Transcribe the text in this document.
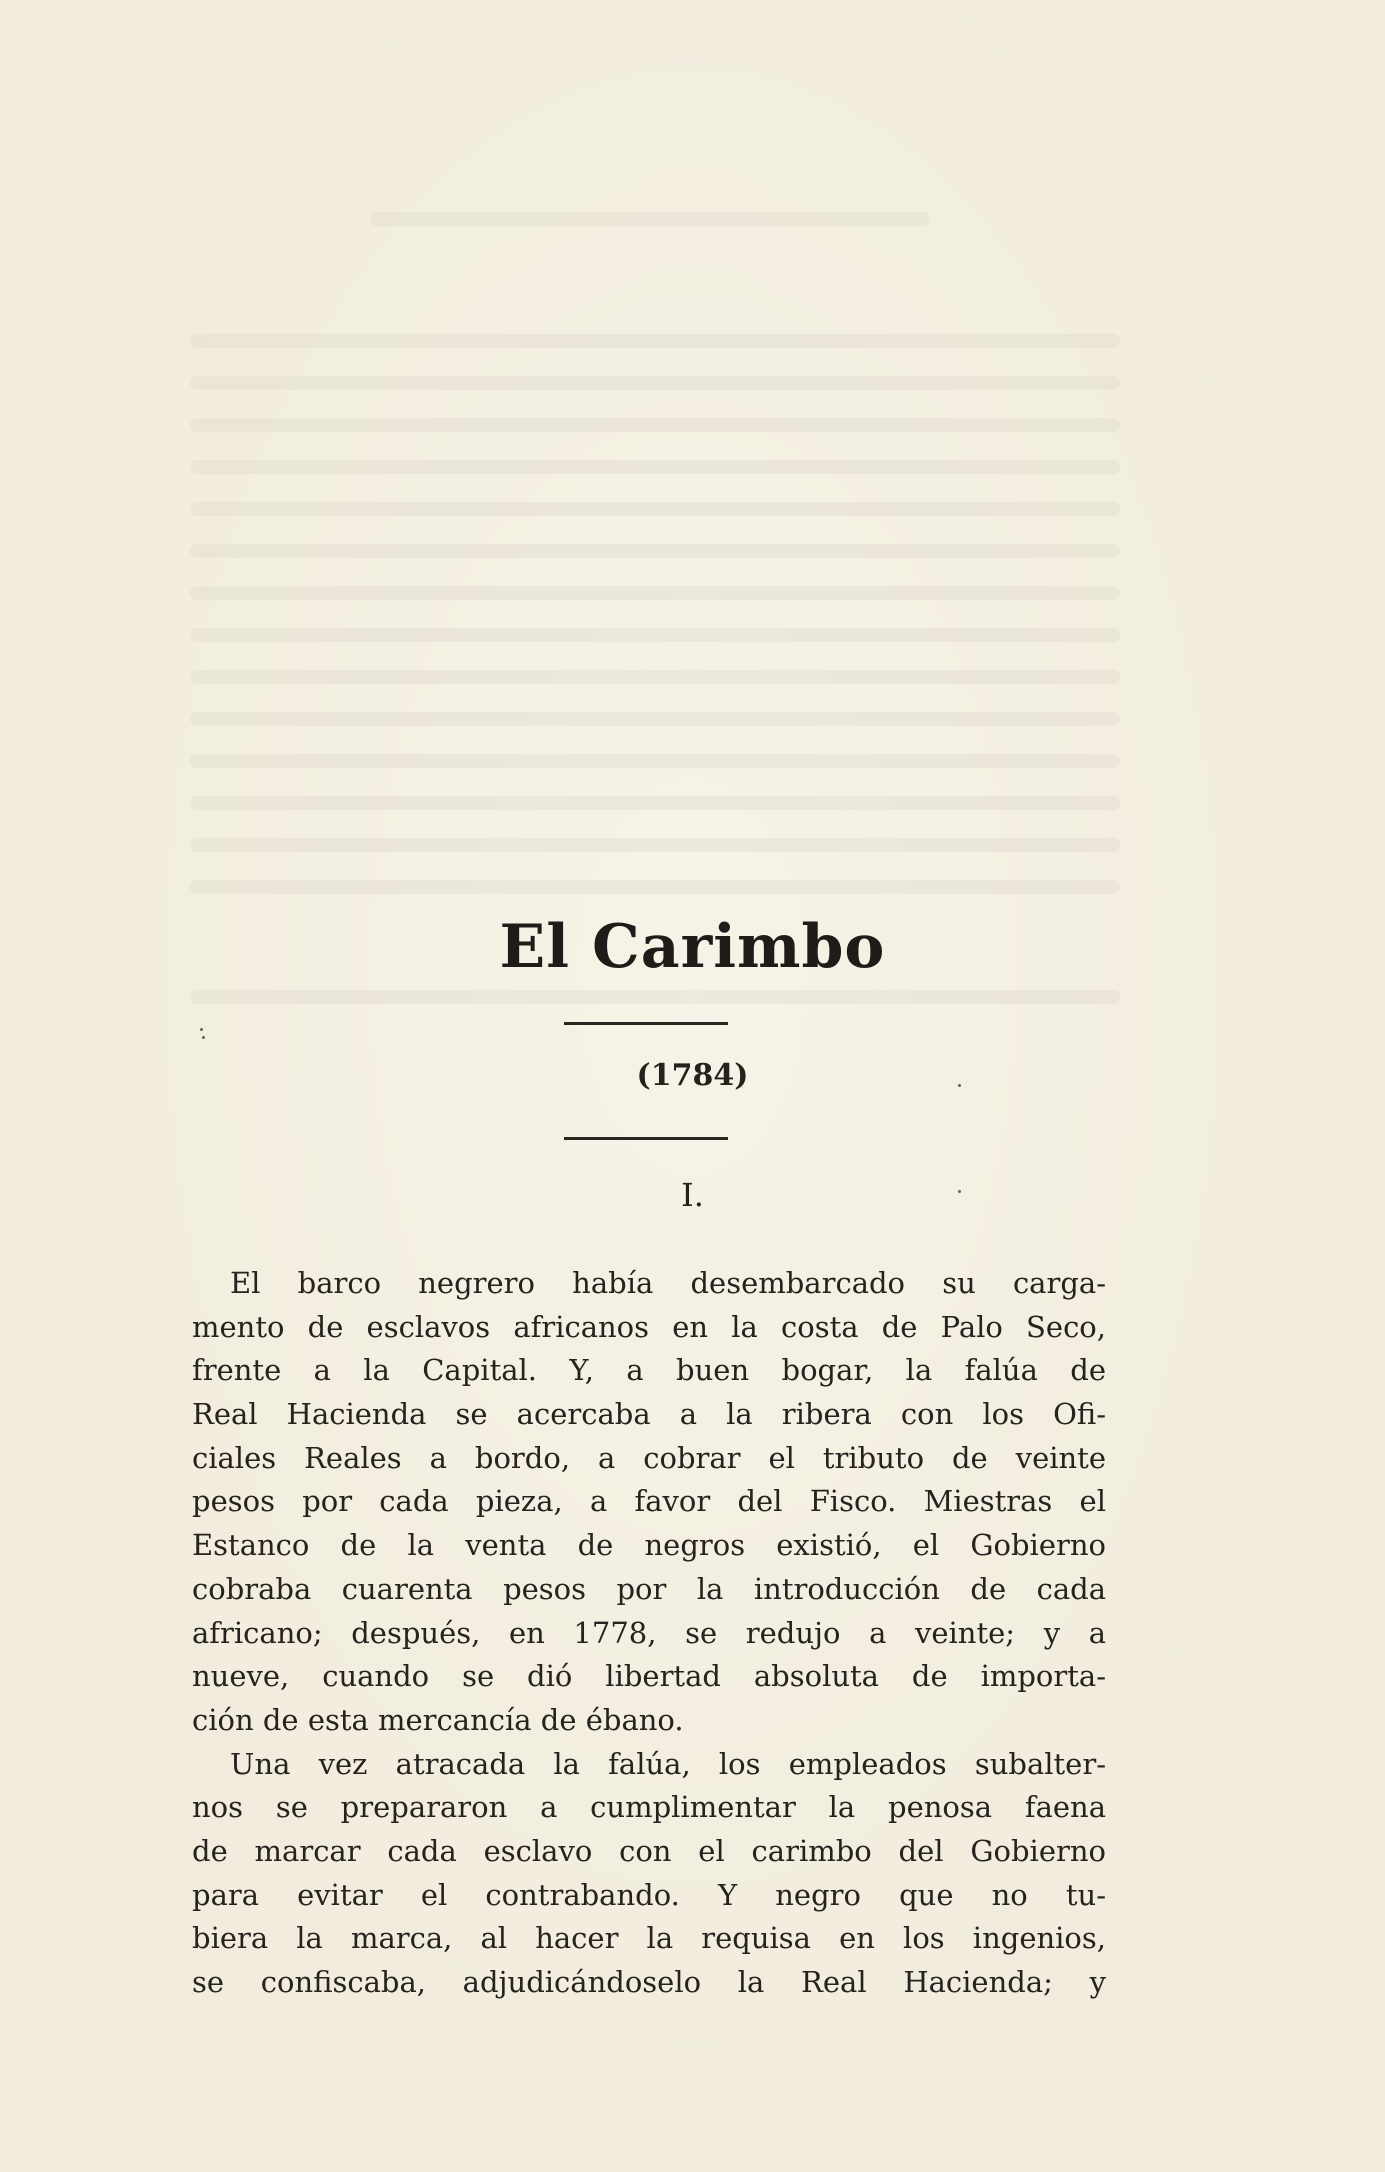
El Carimbo
(1784)
I.
El barco negrero había desembarcado su carga-
mento de esclavos africanos en la costa de Palo Seco,
frente a la Capital. Y, a buen bogar, la falúa de
Real Hacienda se acercaba a la ribera con los Ofi-
ciales Reales a bordo, a cobrar el tributo de veinte
pesos por cada pieza, a favor del Fisco. Miestras el
Estanco de la venta de negros existió, el Gobierno
cobraba cuarenta pesos por la introducción de cada
africano; después, en 1778, se redujo a veinte; y a
nueve, cuando se dió libertad absoluta de importa-
ción de esta mercancía de ébano.
Una vez atracada la falúa, los empleados subalter-
nos se prepararon a cumplimentar la penosa faena
de marcar cada esclavo con el carimbo del Gobierno
para evitar el contrabando. Y negro que no tu-
biera la marca, al hacer la requisa en los ingenios,
se confiscaba, adjudicándoselo la Real Hacienda; y
